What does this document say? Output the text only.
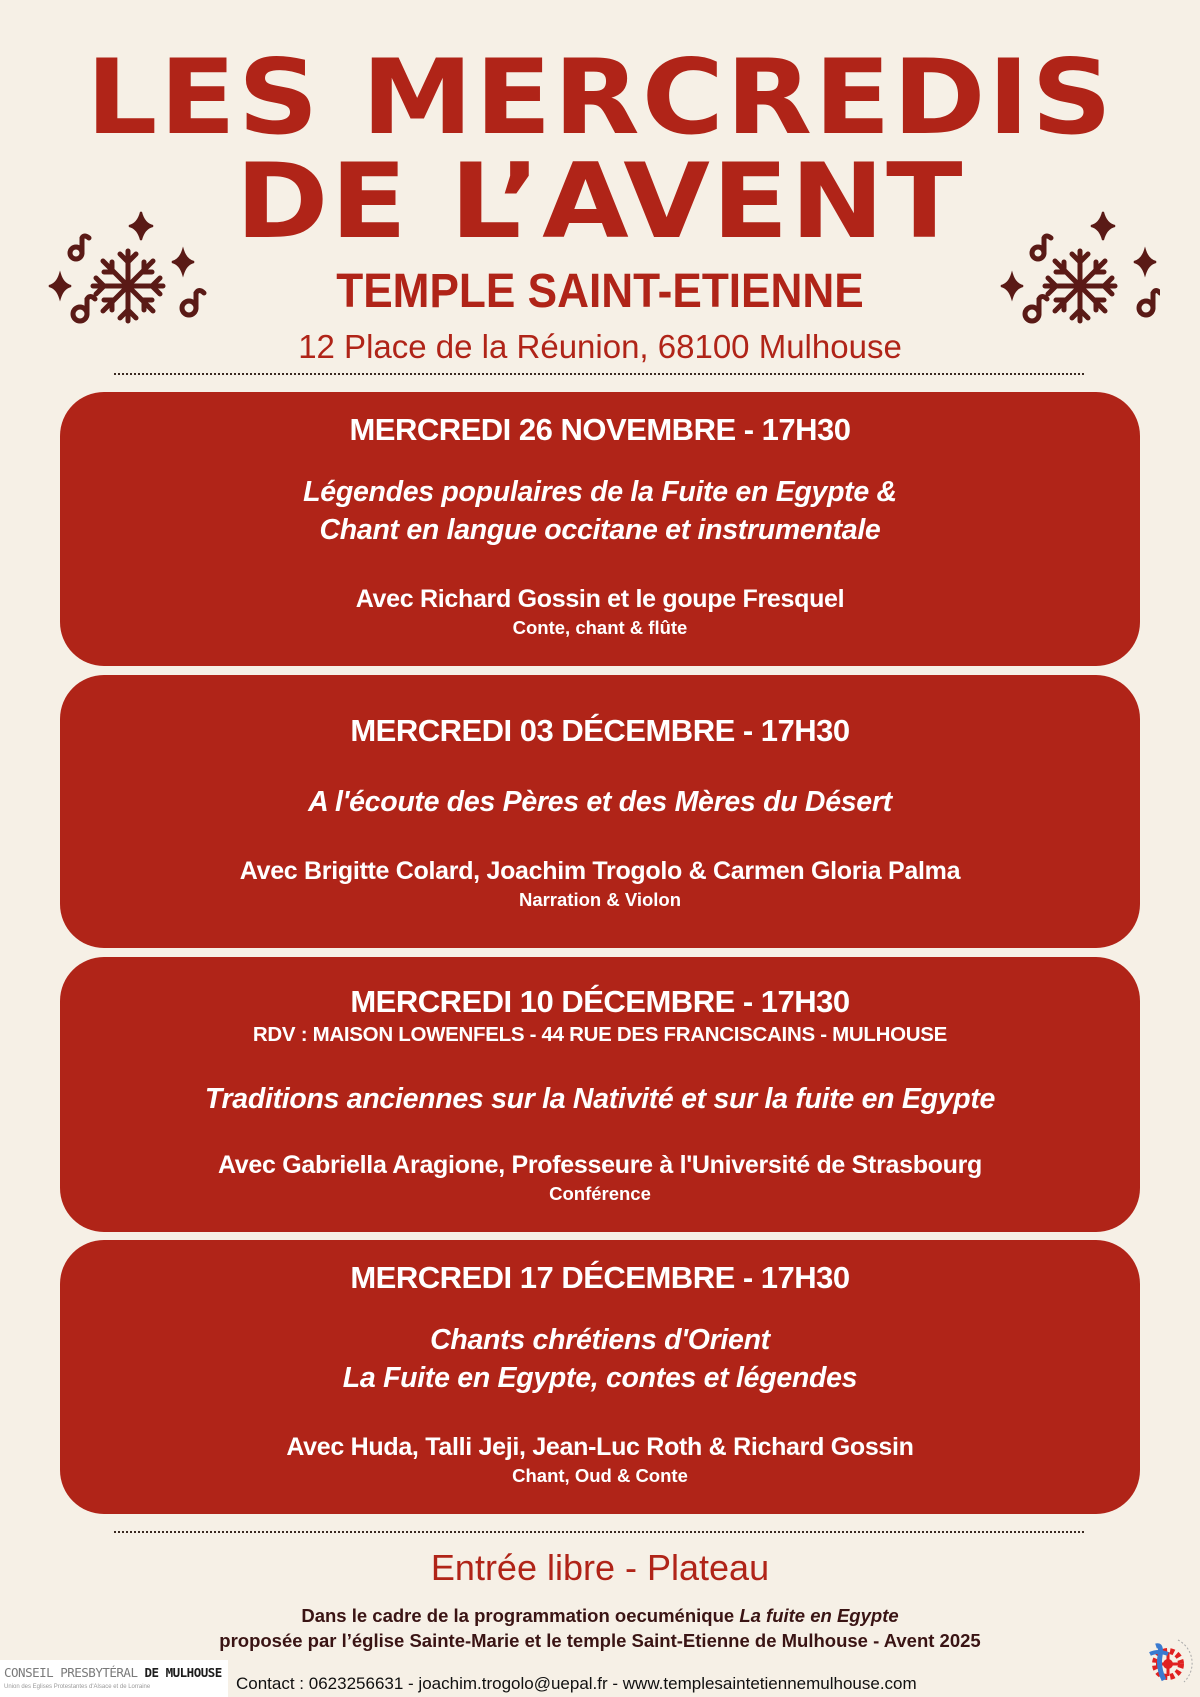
LES MERCREDIS
DE L’AVENT
TEMPLE SAINT-ETIENNE
12 Place de la Réunion, 68100 Mulhouse
MERCREDI 26 NOVEMBRE - 17H30
Légendes populaires de la Fuite en Egypte &
Chant en langue occitane et instrumentale
Avec Richard Gossin et le goupe Fresquel
Conte, chant & flûte
MERCREDI 03 DÉCEMBRE - 17H30
A l'écoute des Pères et des Mères du Désert
Avec Brigitte Colard, Joachim Trogolo & Carmen Gloria Palma
Narration & Violon
MERCREDI 10 DÉCEMBRE - 17H30
RDV : MAISON LOWENFELS - 44 RUE DES FRANCISCAINS - MULHOUSE
Traditions anciennes sur la Nativité et sur la fuite en Egypte
Avec Gabriella Aragione, Professeure à l'Université de Strasbourg
Conférence
MERCREDI 17 DÉCEMBRE - 17H30
Chants chrétiens d'Orient
La Fuite en Egypte, contes et légendes
Avec Huda, Talli Jeji, Jean-Luc Roth & Richard Gossin
Chant, Oud & Conte
Entrée libre - Plateau
Dans le cadre de la programmation oecuménique La fuite en Egypte
proposée par l’église Sainte-Marie et le temple Saint-Etienne de Mulhouse - Avent 2025
CONSEIL PRESBYTÉRAL DE MULHOUSE
Union des Eglises Protestantes d'Alsace et de Lorraine	Contact : 0623256631 - joachim.trogolo@uepal.fr - www.templesaintetiennemulhouse.com
